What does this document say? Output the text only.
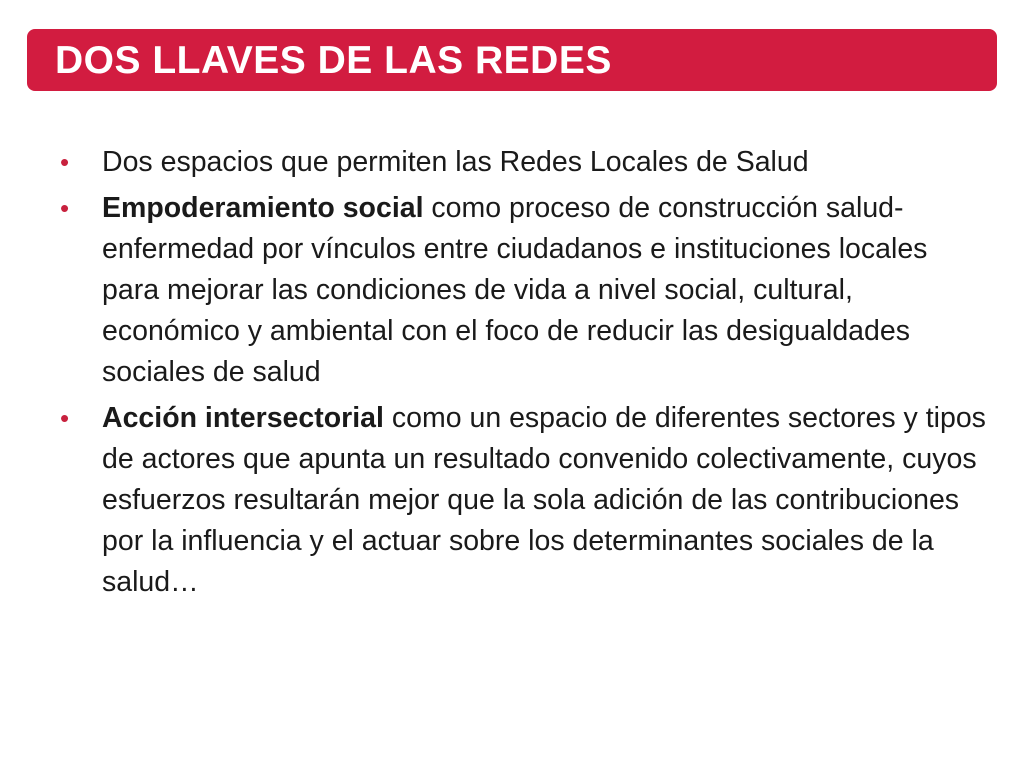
DOS LLAVES DE LAS REDES
• Dos espacios que permiten las Redes Locales de Salud
• Empoderamiento social como proceso de construcción salud-enfermedad por vínculos entre ciudadanos e instituciones locales para mejorar las condiciones de vida a nivel social, cultural, económico y ambiental con el foco de reducir las desigualdades sociales de salud
• Acción intersectorial como un espacio de diferentes sectores y tipos de actores que apunta un resultado convenido colectivamente, cuyos esfuerzos resultarán mejor que la sola adición de las contribuciones por la influencia y el actuar sobre los determinantes sociales de la salud…
